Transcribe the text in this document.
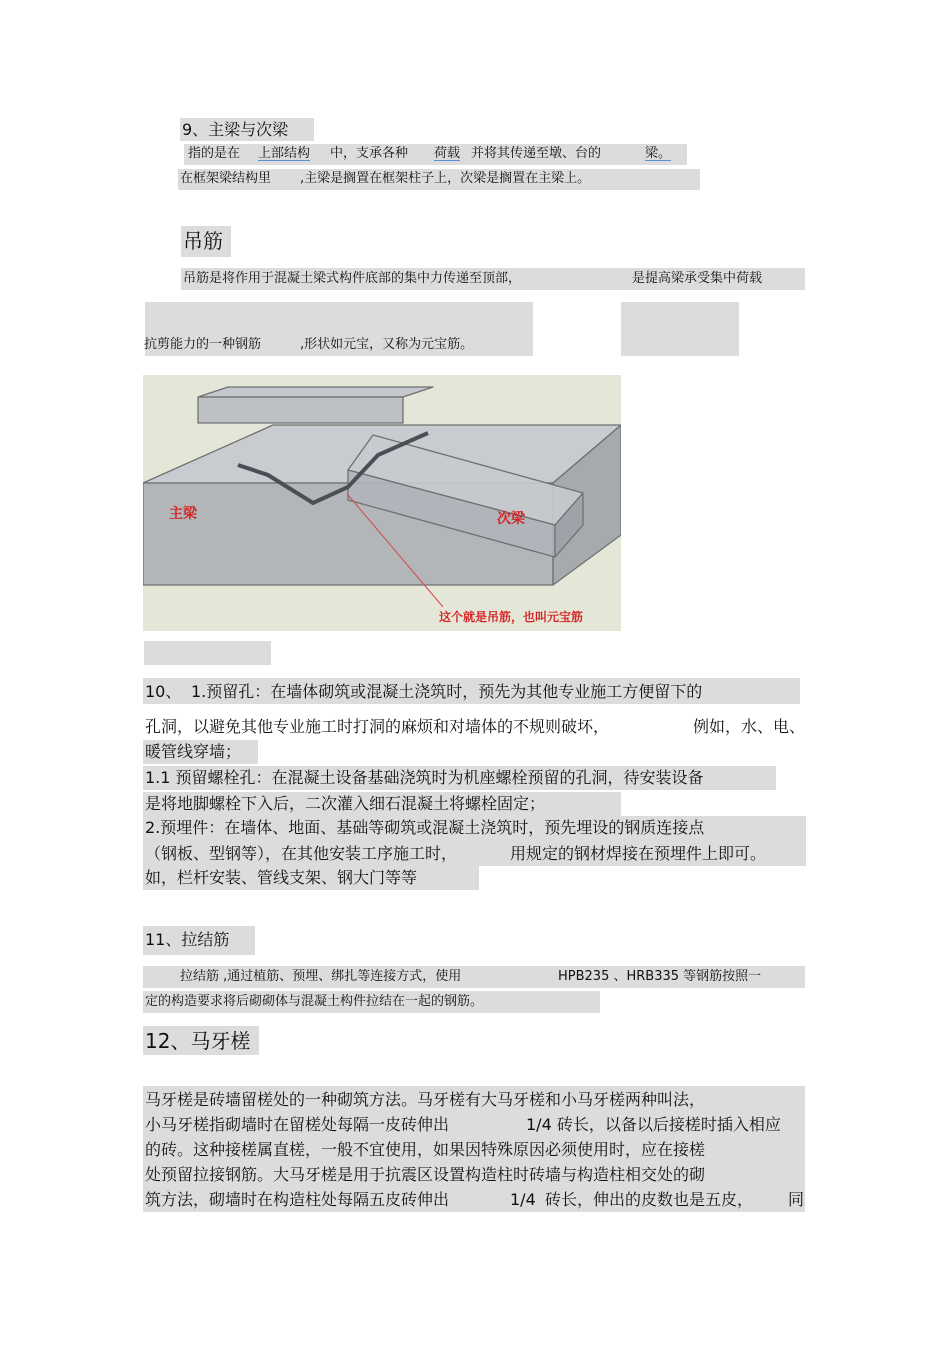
9、主梁与次梁
指的是在 上部结构 中，支承各种 荷载 并将其传递至墩、台的	梁。
在框架梁结构里 ,主梁是搁置在框架柱子上，次梁是搁置在主梁上。
吊筋
吊筋是将作用于混凝土梁式构件底部的集中力传递至顶部，	是提高梁承受集中荷载
抗剪能力的一种钢筋	,形状如元宝，又称为元宝筋。
主梁	次梁
这个就是吊筋，也叫元宝筋
10、 1.预留孔：在墙体砌筑或混凝土浇筑时，预先为其他专业施工方便留下的
孔洞，以避免其他专业施工时打洞的麻烦和对墙体的不规则破坏，	例如，水、电、
暖管线穿墙；
1.1 预留螺栓孔：在混凝土设备基础浇筑时为机座螺栓预留的孔洞，待安装设备
是将地脚螺栓下入后，二次灌入细石混凝土将螺栓固定；
2.预埋件：在墙体、地面、基础等砌筑或混凝土浇筑时，预先埋设的钢质连接点
（钢板、型钢等），在其他安装工序施工时，	用规定的钢材焊接在预埋件上即可。
如，栏杆安装、管线支架、钢大门等等
11、拉结筋
拉结筋 ,通过植筋、预埋、绑扎等连接方式，使用	HPB235 、HRB335 等钢筋按照一
定的构造要求将后砌砌体与混凝土构件拉结在一起的钢筋。
12、马牙槎
马牙槎是砖墙留槎处的一种砌筑方法。马牙槎有大马牙槎和小马牙槎两种叫法，
小马牙槎指砌墙时在留槎处每隔一皮砖伸出	1/4 砖长，以备以后接槎时插入相应
的砖。这种接槎属直槎，一般不宜使用，如果因特殊原因必须使用时，应在接槎
处预留拉接钢筋。大马牙槎是用于抗震区设置构造柱时砖墙与构造柱相交处的砌
筑方法，砌墙时在构造柱处每隔五皮砖伸出	1/4 砖长，伸出的皮数也是五皮， 同
